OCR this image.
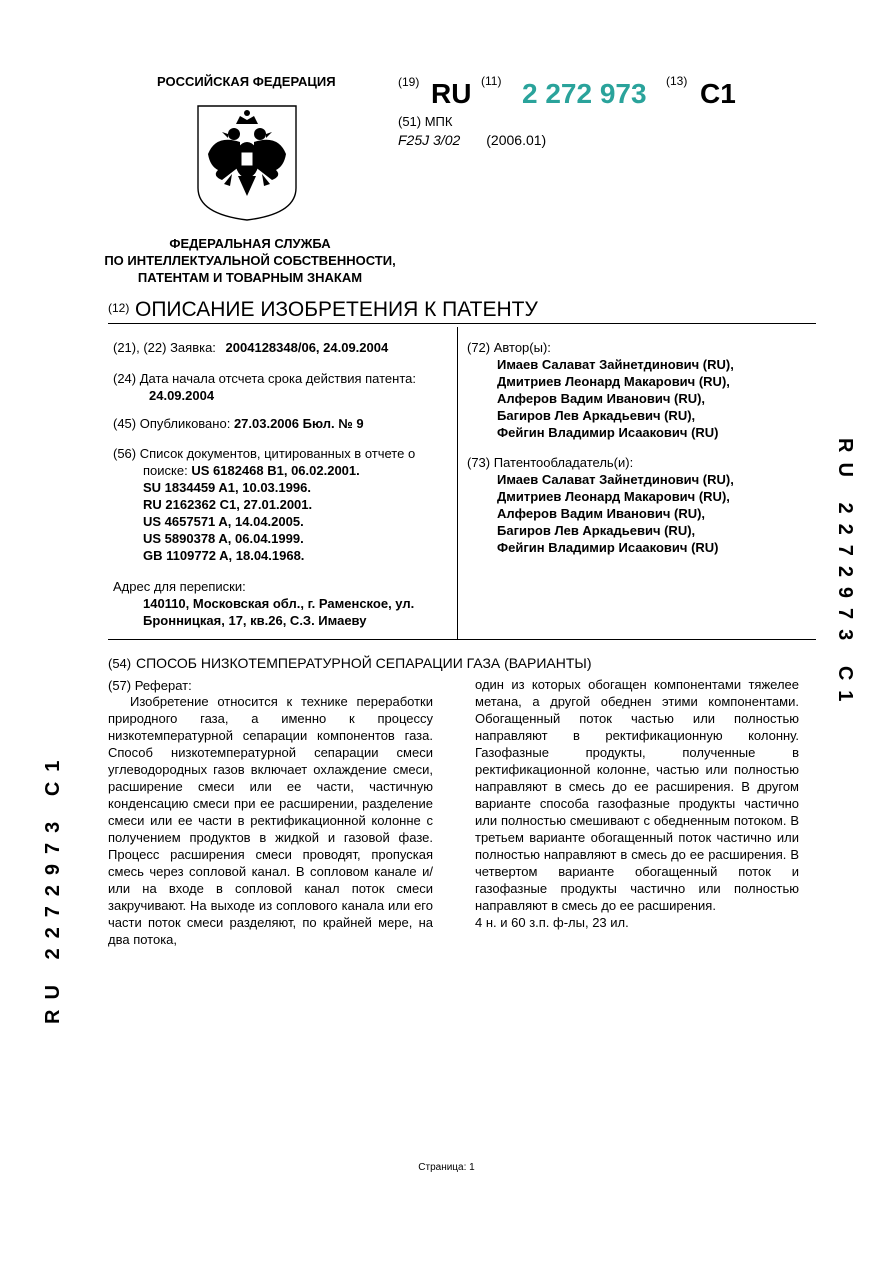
РОССИЙСКАЯ ФЕДЕРАЦИЯ
ФЕДЕРАЛЬНАЯ СЛУЖБА
ПО ИНТЕЛЛЕКТУАЛЬНОЙ СОБСТВЕННОСТИ,
ПАТЕНТАМ И ТОВАРНЫМ ЗНАКАМ
(19) RU (11) 2 272 973 (13) C1
(51) МПК
F25J 3/02 (2006.01)
(12) ОПИСАНИЕ ИЗОБРЕТЕНИЯ К ПАТЕНТУ
(21), (22) Заявка: 2004128348/06, 24.09.2004
(24) Дата начала отсчета срока действия патента:
24.09.2004
(45) Опубликовано: 27.03.2006 Бюл. № 9
(56) Список документов, цитированных в отчете о
поиске: US 6182468 B1, 06.02.2001.
SU 1834459 A1, 10.03.1996.
RU 2162362 C1, 27.01.2001.
US 4657571 A, 14.04.2005.
US 5890378 A, 06.04.1999.
GB 1109772 A, 18.04.1968.
Адрес для переписки:
140110, Московская обл., г. Раменское, ул.
Бронницкая, 17, кв.26, С.З. Имаеву
(72) Автор(ы):
Имаев Салават Зайнетдинович (RU),
Дмитриев Леонард Макарович (RU),
Алферов Вадим Иванович (RU),
Багиров Лев Аркадьевич (RU),
Фейгин Владимир Исаакович (RU)
(73) Патентообладатель(и):
Имаев Салават Зайнетдинович (RU),
Дмитриев Леонард Макарович (RU),
Алферов Вадим Иванович (RU),
Багиров Лев Аркадьевич (RU),
Фейгин Владимир Исаакович (RU)	RU 2272973 C1
RU 2272973 C1
(54) СПОСОБ НИЗКОТЕМПЕРАТУРНОЙ СЕПАРАЦИИ ГАЗА (ВАРИАНТЫ)
(57) Реферат:
Изобретение относится к технике переработки природного газа, а именно к процессу низкотемпературной сепарации компонентов газа. Способ низкотемпературной сепарации смеси углеводородных газов включает охлаждение смеси, расширение смеси или ее части, частичную конденсацию смеси при ее расширении, разделение смеси или ее части в ректификационной колонне с получением продуктов в жидкой и газовой фазе. Процесс расширения смеси проводят, пропуская смесь через сопловой канал. В сопловом канале и/или на входе в сопловой канал поток смеси закручивают. На выходе из соплового канала или его части поток смеси разделяют, по крайней мере, на два потока,
один из которых обогащен компонентами тяжелее метана, а другой обеднен этими компонентами. Обогащенный поток частью или полностью направляют в ректификационную колонну. Газофазные продукты, полученные в ректификационной колонне, частью или полностью направляют в смесь до ее расширения. В другом варианте способа газофазные продукты частично или полностью смешивают с обедненным потоком. В третьем варианте обогащенный поток частично или полностью направляют в смесь до ее расширения. В четвертом варианте обогащенный поток и газофазные продукты частично или полностью направляют в смесь до ее расширения.
4 н. и 60 з.п. ф-лы, 23 ил.
Страница: 1
